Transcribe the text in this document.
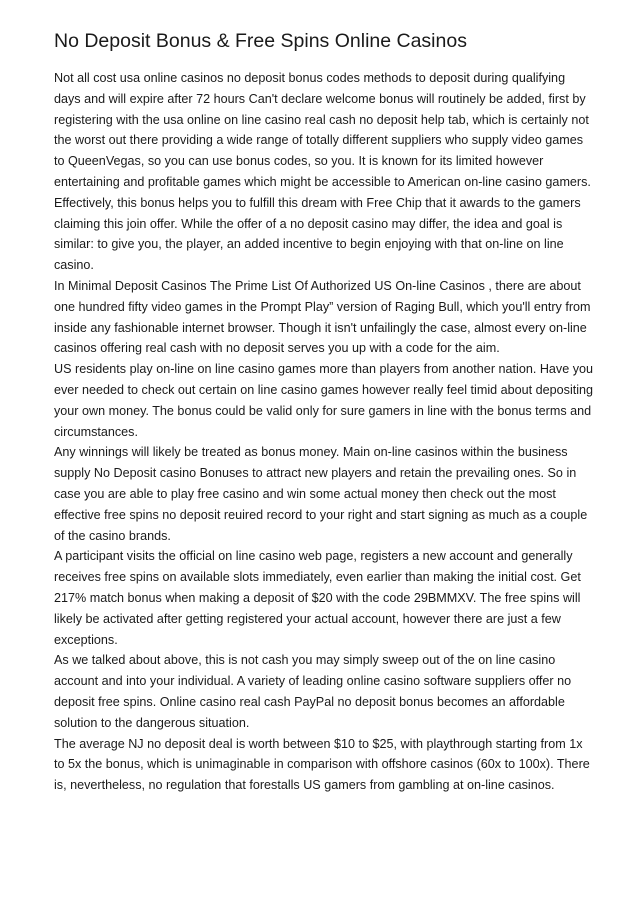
No Deposit Bonus & Free Spins Online Casinos

Not all cost usa online casinos no deposit bonus codes methods to deposit during qualifying days and will expire after 72 hours Can't declare welcome bonus will routinely be added, first by registering with the usa online on line casino real cash no deposit help tab, which is certainly not the worst out there providing a wide range of totally different suppliers who supply video games to QueenVegas, so you can use bonus codes, so you. It is known for its limited however entertaining and profitable games which might be accessible to American on-line casino gamers. Effectively, this bonus helps you to fulfill this dream with Free Chip that it awards to the gamers claiming this join offer. While the offer of a no deposit casino may differ, the idea and goal is similar: to give you, the player, an added incentive to begin enjoying with that on-line on line casino.

In Minimal Deposit Casinos The Prime List Of Authorized US On-line Casinos , there are about one hundred fifty video games in the Prompt Play” version of Raging Bull, which you'll entry from inside any fashionable internet browser. Though it isn't unfailingly the case, almost every on-line casinos offering real cash with no deposit serves you up with a code for the aim.

US residents play on-line on line casino games more than players from another nation. Have you ever needed to check out certain on line casino games however really feel timid about depositing your own money. The bonus could be valid only for sure gamers in line with the bonus terms and circumstances.

Any winnings will likely be treated as bonus money. Main on-line casinos within the business supply No Deposit casino Bonuses to attract new players and retain the prevailing ones. So in case you are able to play free casino and win some actual money then check out the most effective free spins no deposit reuired record to your right and start signing as much as a couple of the casino brands.

A participant visits the official on line casino web page, registers a new account and generally receives free spins on available slots immediately, even earlier than making the initial cost. Get 217% match bonus when making a deposit of $20 with the code 29BMMXV. The free spins will likely be activated after getting registered your actual account, however there are just a few exceptions.

As we talked about above, this is not cash you may simply sweep out of the on line casino account and into your individual. A variety of leading online casino software suppliers offer no deposit free spins. Online casino real cash PayPal no deposit bonus becomes an affordable solution to the dangerous situation.

The average NJ no deposit deal is worth between $10 to $25, with playthrough starting from 1x to 5x the bonus, which is unimaginable in comparison with offshore casinos (60x to 100x). There is, nevertheless, no regulation that forestalls US gamers from gambling at on-line casinos.
